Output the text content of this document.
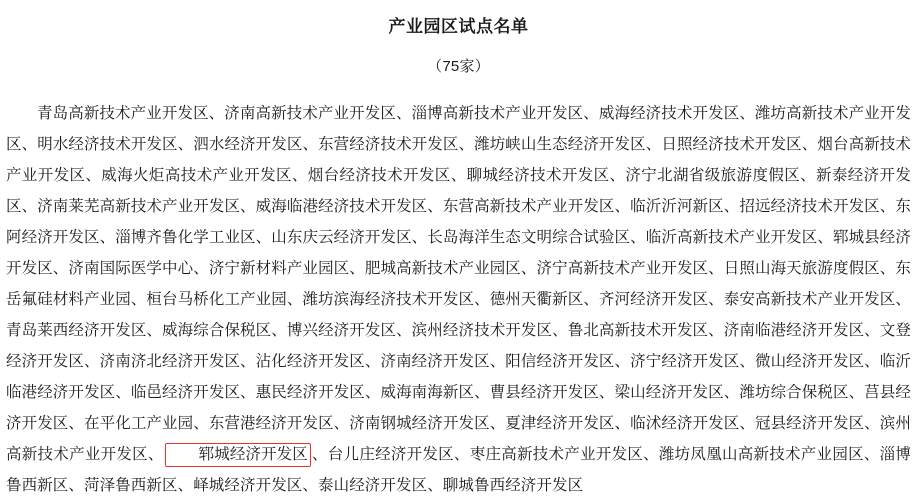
产业园区试点名单
（75家）

青岛高新技术产业开发区、济南高新技术产业开发区、淄博高新技术产业开发区、威海经济技术开发区、潍坊高新技术产业开发区、明水经济技术开发区、泗水经济开发区、东营经济技术开发区、潍坊峡山生态经济开发区、日照经济技术开发区、烟台高新技术产业开发区、威海火炬高技术产业开发区、烟台经济技术开发区、聊城经济技术开发区、济宁北湖省级旅游度假区、新泰经济开发区、济南莱芜高新技术产业开发区、威海临港经济技术开发区、东营高新技术产业开发区、临沂沂河新区、招远经济技术开发区、东阿经济开发区、淄博齐鲁化学工业区、山东庆云经济开发区、长岛海洋生态文明综合试验区、临沂高新技术产业开发区、郓城县经济开发区、济南国际医学中心、济宁新材料产业园区、肥城高新技术产业园区、济宁高新技术产业开发区、日照山海天旅游度假区、东岳氟硅材料产业园、桓台马桥化工产业园、潍坊滨海经济技术开发区、德州天衢新区、齐河经济开发区、泰安高新技术产业开发区、青岛莱西经济开发区、威海综合保税区、博兴经济开发区、滨州经济技术开发区、鲁北高新技术开发区、济南临港经济开发区、文登经济开发区、济南济北经济开发区、沾化经济开发区、济南经济开发区、阳信经济开发区、济宁经济开发区、微山经济开发区、临沂临港经济开发区、临邑经济开发区、惠民经济开发区、威海南海新区、曹县经济开发区、梁山经济开发区、潍坊综合保税区、莒县经济开发区、在平化工产业园、东营港经济开发区、济南钢城经济开发区、夏津经济开发区、临沭经济开发区、冠县经济开发区、滨州高新技术产业开发区、 郓城经济开发区 、台儿庄经济开发区、枣庄高新技术产业开发区、潍坊凤凰山高新技术产业园区、淄博鲁西新区、菏泽鲁西新区、峄城经济开发区、泰山经济开发区、聊城鲁西经济开发区
